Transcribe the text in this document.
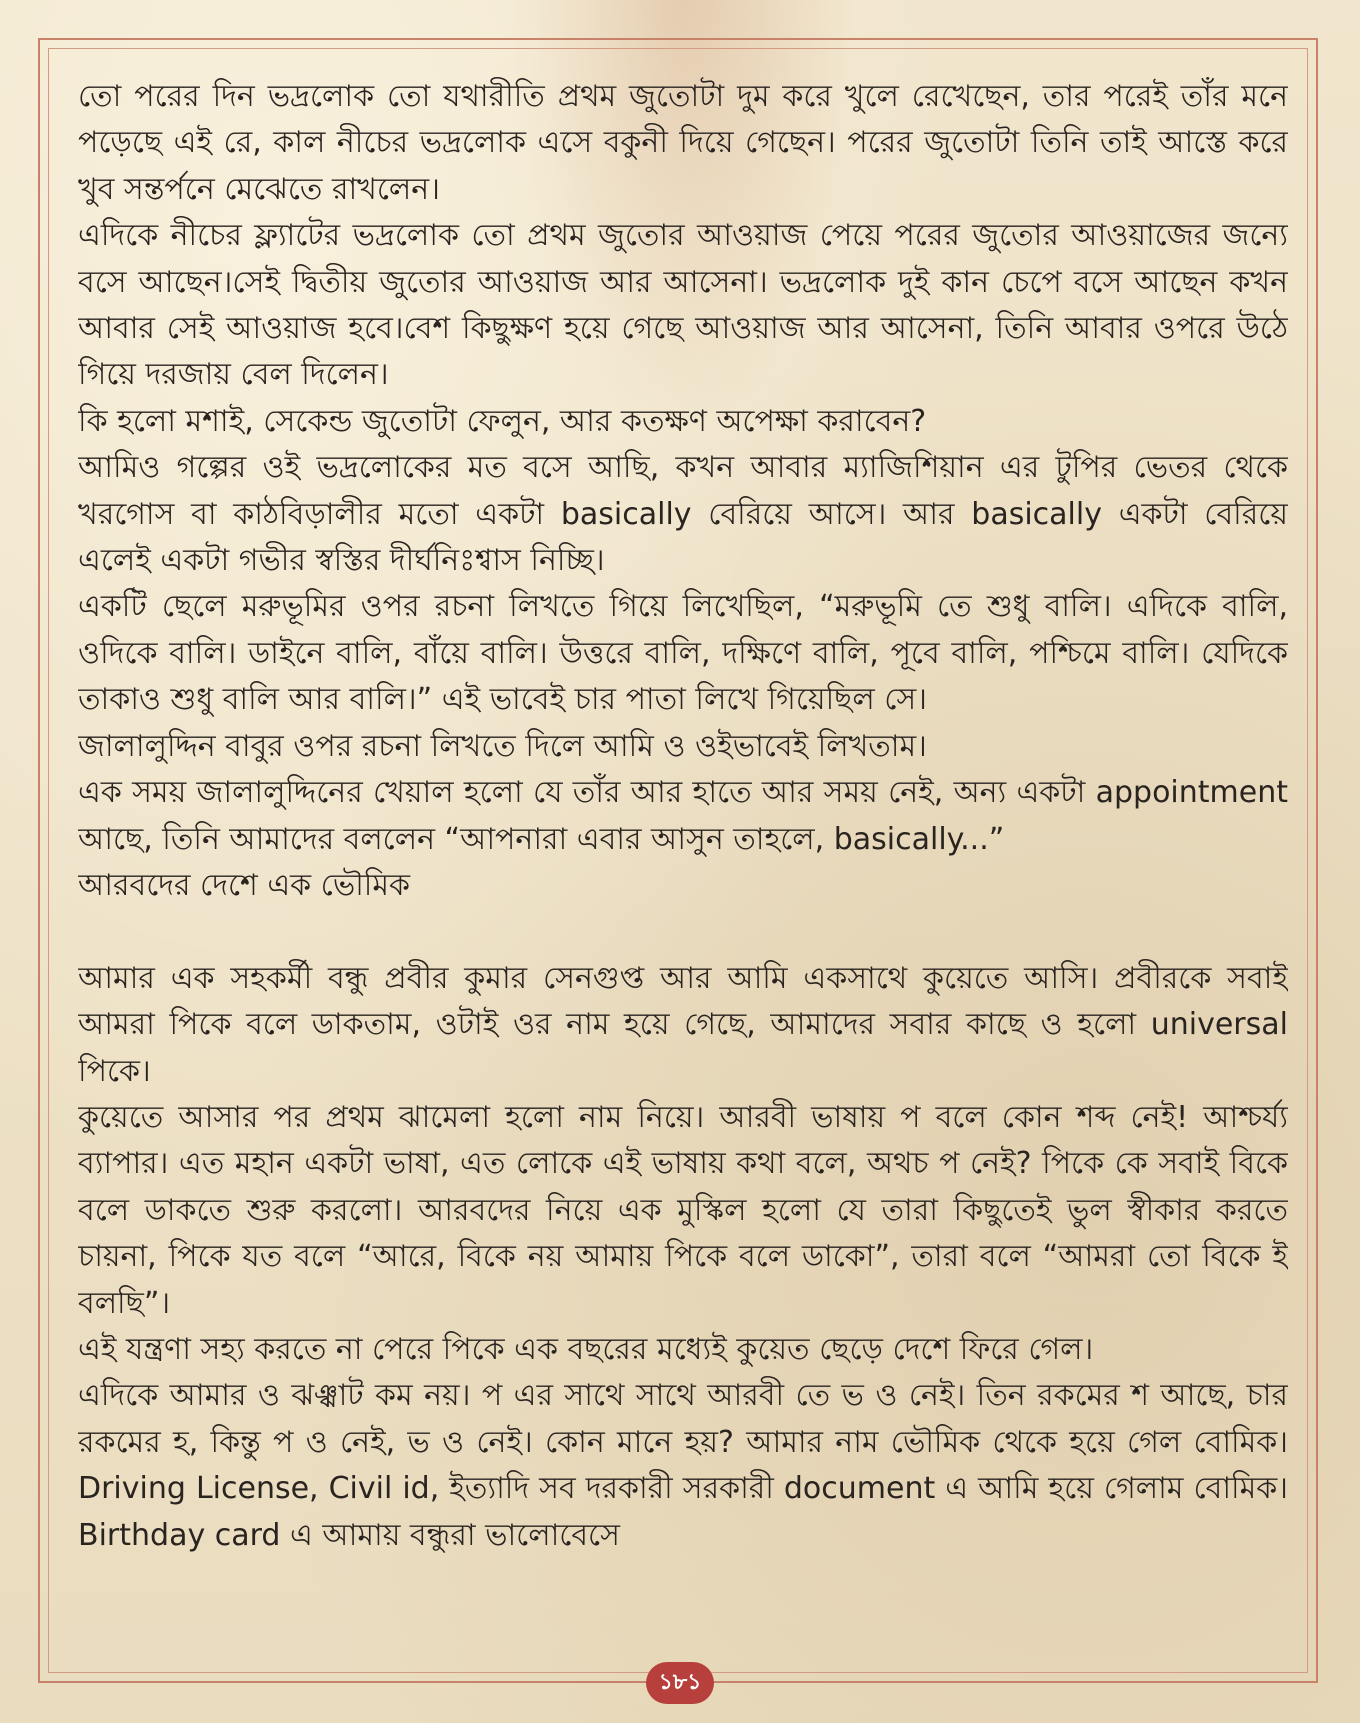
তো পরের দিন ভদ্রলোক তো যথারীতি প্রথম জুতোটা দুম করে খুলে রেখেছেন, তার পরেই তাঁর মনে পড়েছে এই রে, কাল নীচের ভদ্রলোক এসে বকুনী দিয়ে গেছেন। পরের জুতোটা তিনি তাই আস্তে করে খুব সন্তর্পনে মেঝেতে রাখলেন।

এদিকে নীচের ফ্ল্যাটের ভদ্রলোক তো প্রথম জুতোর আওয়াজ পেয়ে পরের জুতোর আওয়াজের জন্যে বসে আছেন।সেই দ্বিতীয় জুতোর আওয়াজ আর আসেনা। ভদ্রলোক দুই কান চেপে বসে আছেন কখন আবার সেই আওয়াজ হবে।বেশ কিছুক্ষণ হয়ে গেছে আওয়াজ আর আসেনা, তিনি আবার ওপরে উঠে গিয়ে দরজায় বেল দিলেন।

কি হলো মশাই, সেকেন্ড জুতোটা ফেলুন, আর কতক্ষণ অপেক্ষা করাবেন?

আমিও গল্পের ওই ভদ্রলোকের মত বসে আছি, কখন আবার ম্যাজিশিয়ান এর টুপির ভেতর থেকে খরগোস বা কাঠবিড়ালীর মতো একটা basically বেরিয়ে আসে। আর basically একটা বেরিয়ে এলেই একটা গভীর স্বস্তির দীর্ঘনিঃশ্বাস নিচ্ছি।

একটি ছেলে মরুভূমির ওপর রচনা লিখতে গিয়ে লিখেছিল, “মরুভূমি তে শুধু বালি। এদিকে বালি, ওদিকে বালি। ডাইনে বালি, বাঁয়ে বালি। উত্তরে বালি, দক্ষিণে বালি, পূবে বালি, পশ্চিমে বালি। যেদিকে তাকাও শুধু বালি আর বালি।” এই ভাবেই চার পাতা লিখে গিয়েছিল সে।

জালালুদ্দিন বাবুর ওপর রচনা লিখতে দিলে আমি ও ওইভাবেই লিখতাম।

এক সময় জালালুদ্দিনের খেয়াল হলো যে তাঁর আর হাতে আর সময় নেই, অন্য একটা appointment আছে, তিনি আমাদের বললেন “আপনারা এবার আসুন তাহলে, basically...”

আরবদের দেশে এক ভৌমিক

আমার এক সহকর্মী বন্ধু প্রবীর কুমার সেনগুপ্ত আর আমি একসাথে কুয়েতে আসি। প্রবীরকে সবাই আমরা পিকে বলে ডাকতাম, ওটাই ওর নাম হয়ে গেছে, আমাদের সবার কাছে ও হলো universal পিকে।

কুয়েতে আসার পর প্রথম ঝামেলা হলো নাম নিয়ে। আরবী ভাষায় প বলে কোন শব্দ নেই! আশ্চর্য্য ব্যাপার। এত মহান একটা ভাষা, এত লোকে এই ভাষায় কথা বলে, অথচ প নেই? পিকে কে সবাই বিকে বলে ডাকতে শুরু করলো। আরবদের নিয়ে এক মুস্কিল হলো যে তারা কিছুতেই ভুল স্বীকার করতে চায়না, পিকে যত বলে “আরে, বিকে নয় আমায় পিকে বলে ডাকো”, তারা বলে “আমরা তো বিকে ই বলছি”।

এই যন্ত্রণা সহ্য করতে না পেরে পিকে এক বছরের মধ্যেই কুয়েত ছেড়ে দেশে ফিরে গেল।

এদিকে আমার ও ঝঞ্ঝাট কম নয়। প এর সাথে সাথে আরবী তে ভ ও নেই। তিন রকমের শ আছে, চার রকমের হ, কিন্তু প ও নেই, ভ ও নেই। কোন মানে হয়? আমার নাম ভৌমিক থেকে হয়ে গেল বোমিক। Driving License, Civil id, ইত্যাদি সব দরকারী সরকারী document এ আমি হয়ে গেলাম বোমিক। Birthday card এ আমায় বন্ধুরা ভালোবেসে

১৮১
